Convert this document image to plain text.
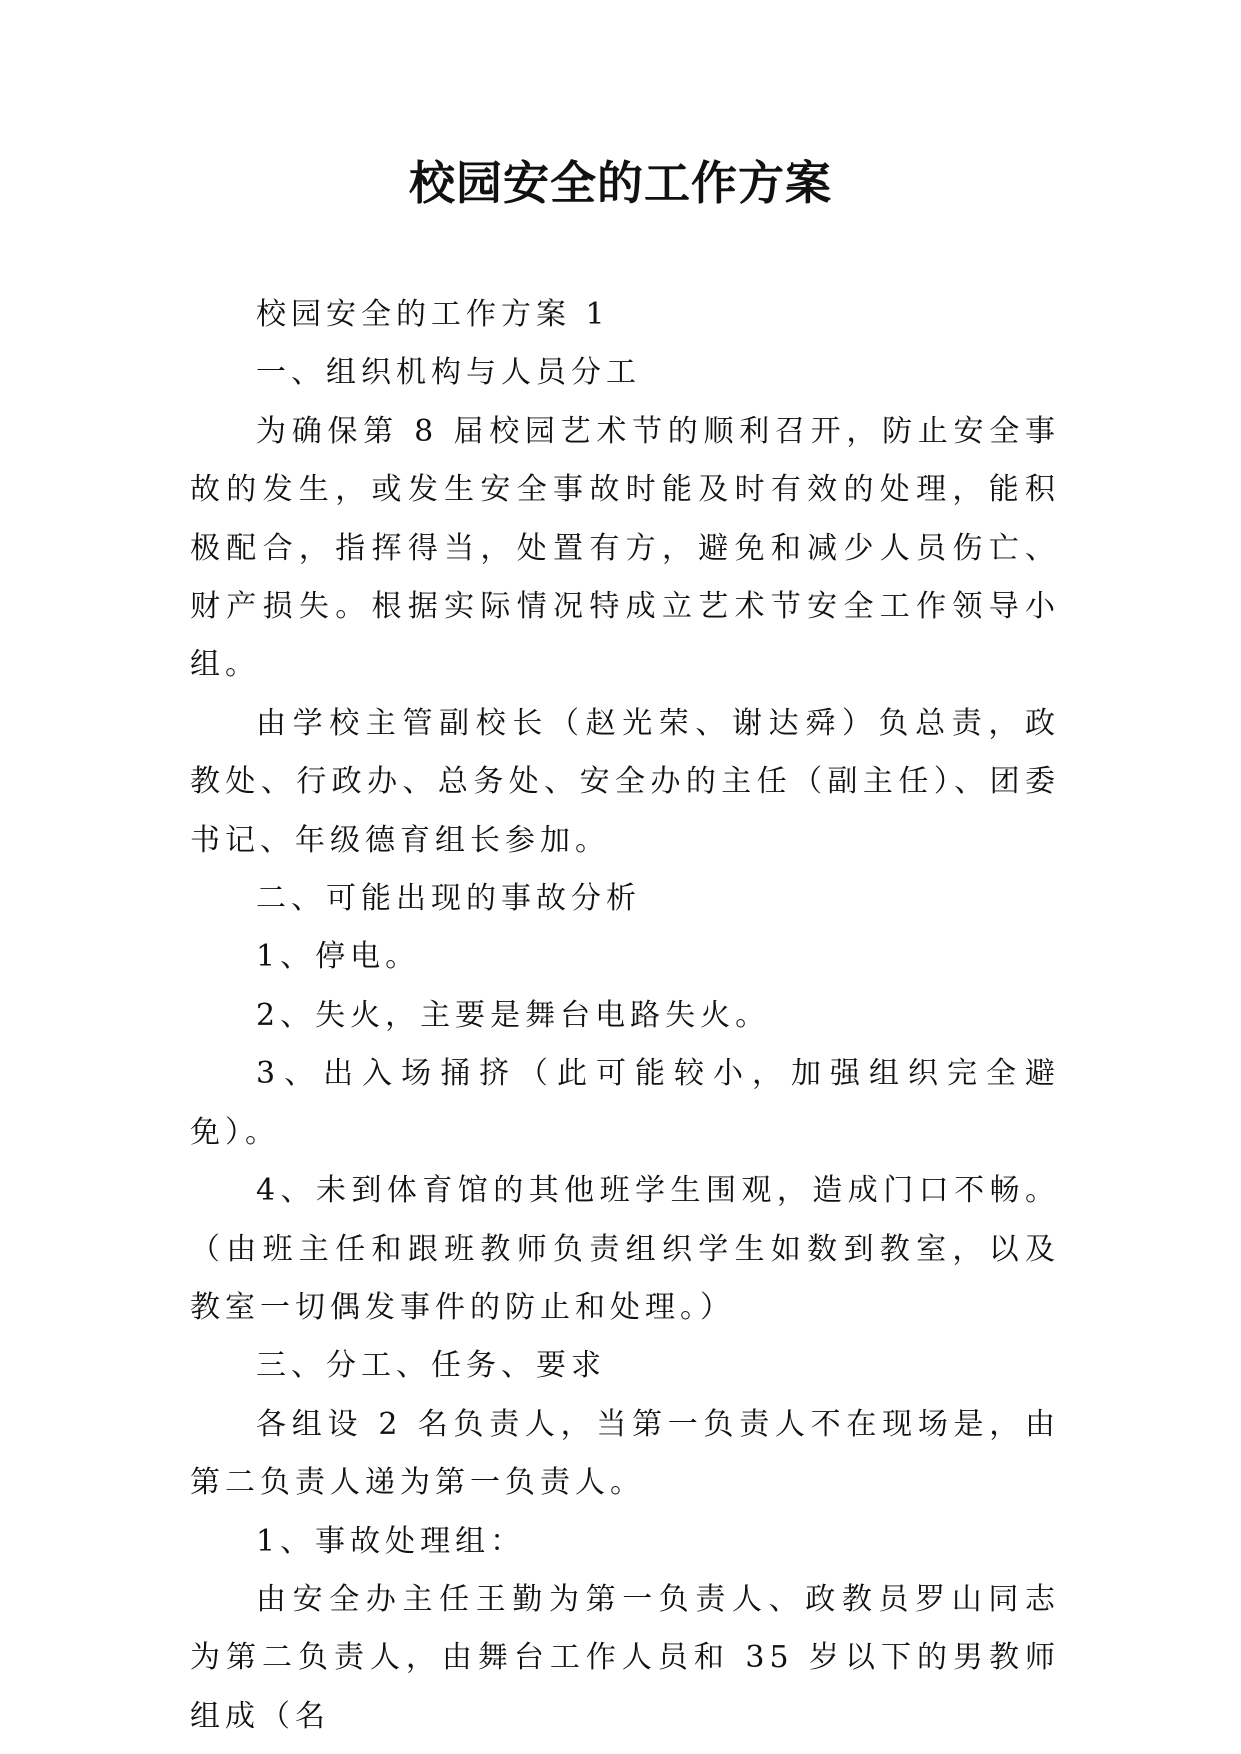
校园安全的工作方案

校园安全的工作方案 1

一、组织机构与人员分工

为确保第 8 届校园艺术节的顺利召开，防止安全事故的发生，或发生安全事故时能及时有效的处理，能积极配合，指挥得当，处置有方，避免和减少人员伤亡、财产损失。根据实际情况特成立艺术节安全工作领导小组。

由学校主管副校长（赵光荣、谢达舜）负总责，政教处、行政办、总务处、安全办的主任（副主任）、团委书记、年级德育组长参加。

二、可能出现的事故分析

1、停电。

2、失火，主要是舞台电路失火。

3、出入场捅挤（此可能较小，加强组织完全避免）。

4、未到体育馆的其他班学生围观，造成门口不畅。（由班主任和跟班教师负责组织学生如数到教室，以及教室一切偶发事件的防止和处理。）

三、分工、任务、要求

各组设 2 名负责人，当第一负责人不在现场是，由第二负责人递为第一负责人。

1、事故处理组：

由安全办主任王勤为第一负责人、政教员罗山同志为第二负责人，由舞台工作人员和 35 岁以下的男教师组成（名
